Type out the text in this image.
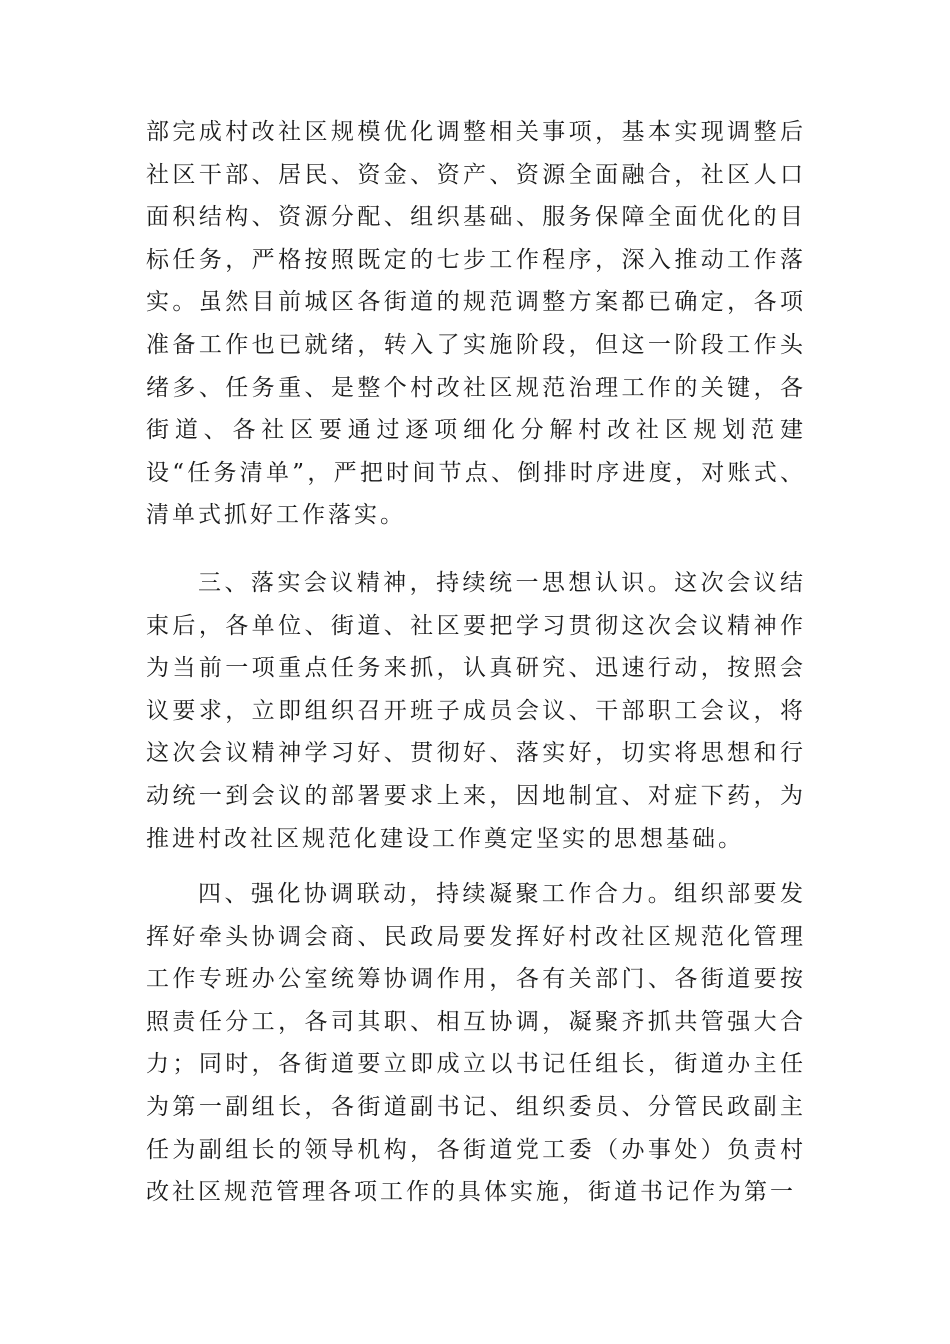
部完成村改社区规模优化调整相关事项，基本实现调整后社区干部、居民、资金、资产、资源全面融合，社区人口面积结构、资源分配、组织基础、服务保障全面优化的目标任务，严格按照既定的七步工作程序，深入推动工作落实。虽然目前城区各街道的规范调整方案都已确定，各项准备工作也已就绪，转入了实施阶段，但这一阶段工作头绪多、任务重、是整个村改社区规范治理工作的关键，各街道、各社区要通过逐项细化分解村改社区规划范建设“任务清单”，严把时间节点、倒排时序进度，对账式、清单式抓好工作落实。

三、落实会议精神，持续统一思想认识。这次会议结束后，各单位、街道、社区要把学习贯彻这次会议精神作为当前一项重点任务来抓，认真研究、迅速行动，按照会议要求，立即组织召开班子成员会议、干部职工会议，将这次会议精神学习好、贯彻好、落实好，切实将思想和行动统一到会议的部署要求上来，因地制宜、对症下药，为推进村改社区规范化建设工作奠定坚实的思想基础。

四、强化协调联动，持续凝聚工作合力。组织部要发挥好牵头协调会商、民政局要发挥好村改社区规范化管理工作专班办公室统筹协调作用，各有关部门、各街道要按照责任分工，各司其职、相互协调，凝聚齐抓共管强大合力；同时，各街道要立即成立以书记任组长，街道办主任为第一副组长，各街道副书记、组织委员、分管民政副主任为副组长的领导机构，各街道党工委（办事处）负责村改社区规范管理各项工作的具体实施，街道书记作为第一
